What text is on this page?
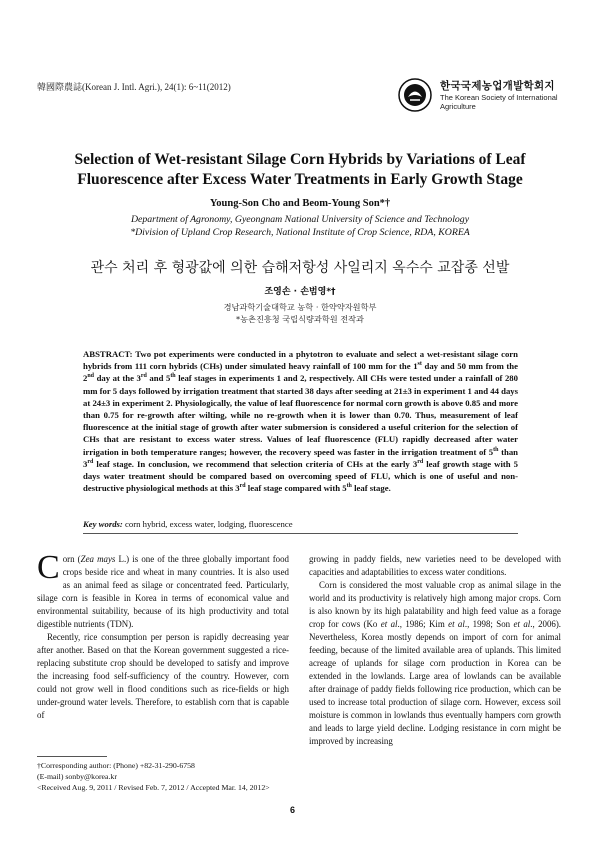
韓國際農誌(Korean J. Intl. Agri.), 24(1): 6~11(2012)	한국국제농업개발학회지
The Korean Society of International Agriculture
Selection of Wet-resistant Silage Corn Hybrids by Variations of Leaf Fluorescence after Excess Water Treatments in Early Growth Stage
Young-Son Cho and Beom-Young Son*†
Department of Agronomy, Gyeongnam National University of Science and Technology
*Division of Upland Crop Research, National Institute of Crop Science, RDA, KOREA
관수 처리 후 형광값에 의한 습해저항성 사일리지 옥수수 교잡종 선발
조영손 · 손범영*†
경남과학기술대학교 농학 · 한약약자원학부
*농촌진흥청 국립식량과학원 전작과
ABSTRACT: Two pot experiments were conducted in a phytotron to evaluate and select a wet-resistant silage corn hybrids from 111 corn hybrids (CHs) under simulated heavy rainfall of 100 mm for the 1st day and 50 mm from the 2nd day at the 3rd and 5th leaf stages in experiments 1 and 2, respectively. All CHs were tested under a rainfall of 280 mm for 5 days followed by irrigation treatment that started 38 days after seeding at 21±3 in experiment 1 and 44 days at 24±3 in experiment 2. Physiologically, the value of leaf fluorescence for normal corn growth is above 0.85 and more than 0.75 for re-growth after wilting, while no re-growth when it is lower than 0.70. Thus, measurement of leaf fluorescence at the initial stage of growth after water submersion is considered a useful criterion for the selection of CHs that are resistant to excess water stress. Values of leaf fluorescence (FLU) rapidly decreased after water irrigation in both temperature ranges; however, the recovery speed was faster in the irrigation treatment of 5th than 3rd leaf stage. In conclusion, we recommend that selection criteria of CHs at the early 3rd leaf growth stage with 5 days water treatment should be compared based on overcoming speed of FLU, which is one of useful and non-destructive physiological methods at this 3rd leaf stage compared with 5th leaf stage.
Key words: corn hybrid, excess water, lodging, fluorescence

Corn (Zea mays L.) is one of the three globally important food crops beside rice and wheat in many countries. It is also used as an animal feed as silage or concentrated feed. Particularly, silage corn is feasible in Korea in terms of economical value and environmental suitability, because of its high productivity and total digestible nutrients (TDN).

Recently, rice consumption per person is rapidly decreasing year after another. Based on that the Korean government suggested a rice-replacing substitute crop should be developed to satisfy and improve the increasing food self-sufficiency of the country. However, corn could not grow well in flood conditions such as rice-fields or high under-ground water levels. Therefore, to establish corn that is capable of

growing in paddy fields, new varieties need to be developed with capacities and adaptabilities to excess water conditions.

Corn is considered the most valuable crop as animal silage in the world and its productivity is relatively high among major crops. Corn is also known by its high palatability and high feed value as a forage crop for cows (Ko et al., 1986; Kim et al., 1998; Son et al., 2006). Nevertheless, Korea mostly depends on import of corn for animal feeding, because of the limited available area of uplands. This limited acreage of uplands for silage corn production in Korea can be extended in the lowlands. Large area of lowlands can be available after drainage of paddy fields following rice production, which can be used to increase total production of silage corn. However, excess soil moisture is common in lowlands thus eventually hampers corn growth and leads to large yield decline. Lodging resistance in corn might be improved by increasing

†Corresponding author: (Phone) +82-31-290-6758
(E-mail) sonby@korea.kr
<Received Aug. 9, 2011 / Revised Feb. 7, 2012 / Accepted Mar. 14, 2012>
6
